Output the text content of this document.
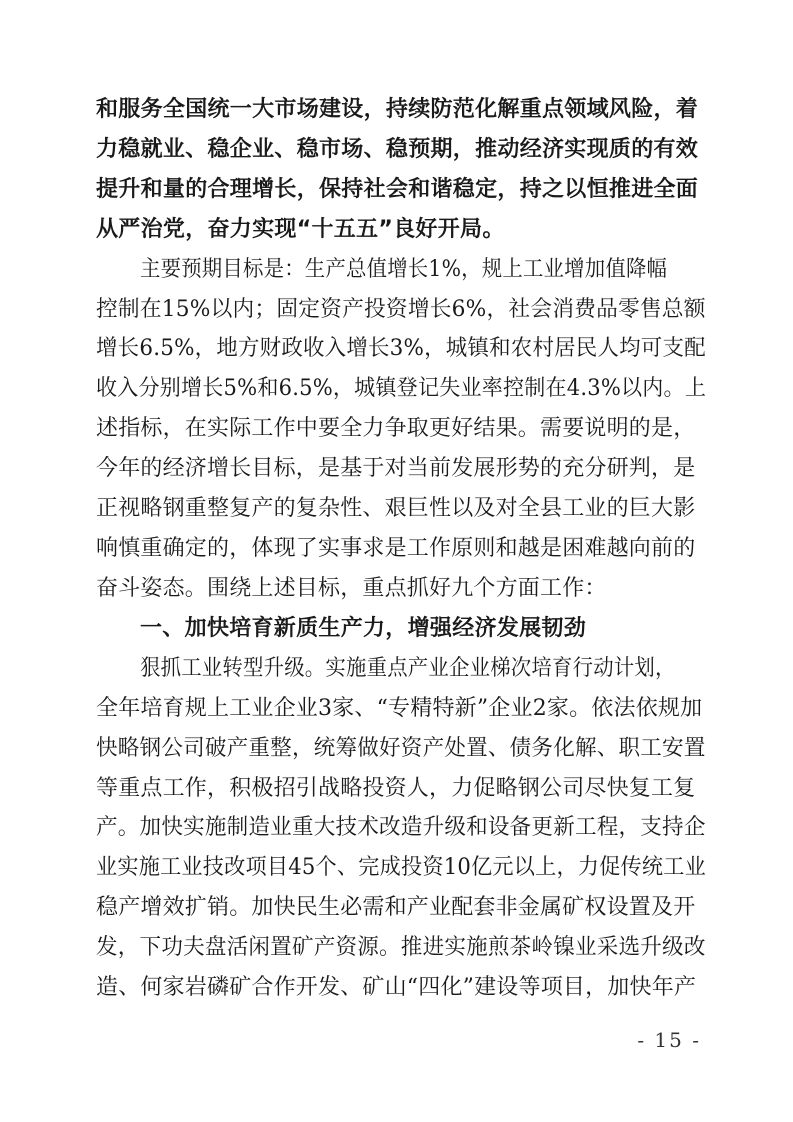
和服务全国统一大市场建设，持续防范化解重点领域风险，着
力稳就业、稳企业、稳市场、稳预期，推动经济实现质的有效
提升和量的合理增长，保持社会和谐稳定，持之以恒推进全面
从严治党，奋力实现“十五五”良好开局。
主要预期目标是：生产总值增长1%，规上工业增加值降幅
控制在15%以内；固定资产投资增长6%，社会消费品零售总额
增长6.5%，地方财政收入增长3%，城镇和农村居民人均可支配
收入分别增长5%和6.5%，城镇登记失业率控制在4.3%以内。上
述指标，在实际工作中要全力争取更好结果。需要说明的是，
今年的经济增长目标，是基于对当前发展形势的充分研判，是
正视略钢重整复产的复杂性、艰巨性以及对全县工业的巨大影
响慎重确定的，体现了实事求是工作原则和越是困难越向前的
奋斗姿态。围绕上述目标，重点抓好九个方面工作：
一、加快培育新质生产力，增强经济发展韧劲
狠抓工业转型升级。实施重点产业企业梯次培育行动计划，
全年培育规上工业企业3家、“专精特新”企业2家。依法依规加
快略钢公司破产重整，统筹做好资产处置、债务化解、职工安置
等重点工作，积极招引战略投资人，力促略钢公司尽快复工复
产。加快实施制造业重大技术改造升级和设备更新工程，支持企
业实施工业技改项目45个、完成投资10亿元以上，力促传统工业
稳产增效扩销。加快民生必需和产业配套非金属矿权设置及开
发，下功夫盘活闲置矿产资源。推进实施煎茶岭镍业采选升级改
造、何家岩磷矿合作开发、矿山“四化”建设等项目，加快年产
- 15 -
